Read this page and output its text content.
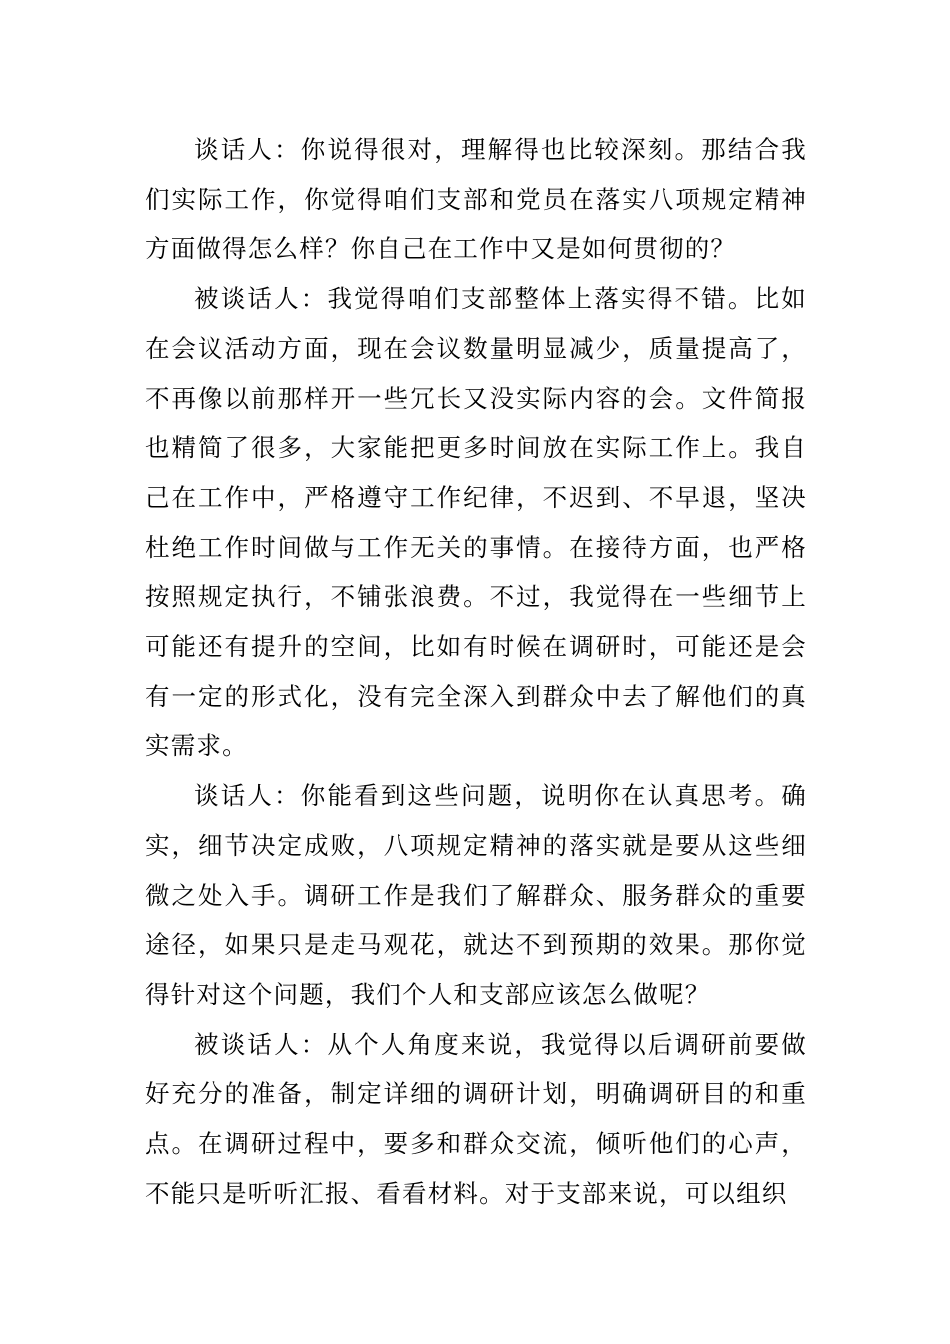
谈话人：你说得很对，理解得也比较深刻。那结合我们实际工作，你觉得咱们支部和党员在落实八项规定精神方面做得怎么样？你自己在工作中又是如何贯彻的？

被谈话人：我觉得咱们支部整体上落实得不错。比如在会议活动方面，现在会议数量明显减少，质量提高了，不再像以前那样开一些冗长又没实际内容的会。文件简报也精简了很多，大家能把更多时间放在实际工作上。我自己在工作中，严格遵守工作纪律，不迟到、不早退，坚决杜绝工作时间做与工作无关的事情。在接待方面，也严格按照规定执行，不铺张浪费。不过，我觉得在一些细节上可能还有提升的空间，比如有时候在调研时，可能还是会有一定的形式化，没有完全深入到群众中去了解他们的真实需求。

谈话人：你能看到这些问题，说明你在认真思考。确实，细节决定成败，八项规定精神的落实就是要从这些细微之处入手。调研工作是我们了解群众、服务群众的重要途径，如果只是走马观花，就达不到预期的效果。那你觉得针对这个问题，我们个人和支部应该怎么做呢？

被谈话人：从个人角度来说，我觉得以后调研前要做好充分的准备，制定详细的调研计划，明确调研目的和重点。在调研过程中，要多和群众交流，倾听他们的心声，不能只是听听汇报、看看材料。对于支部来说，可以组织
